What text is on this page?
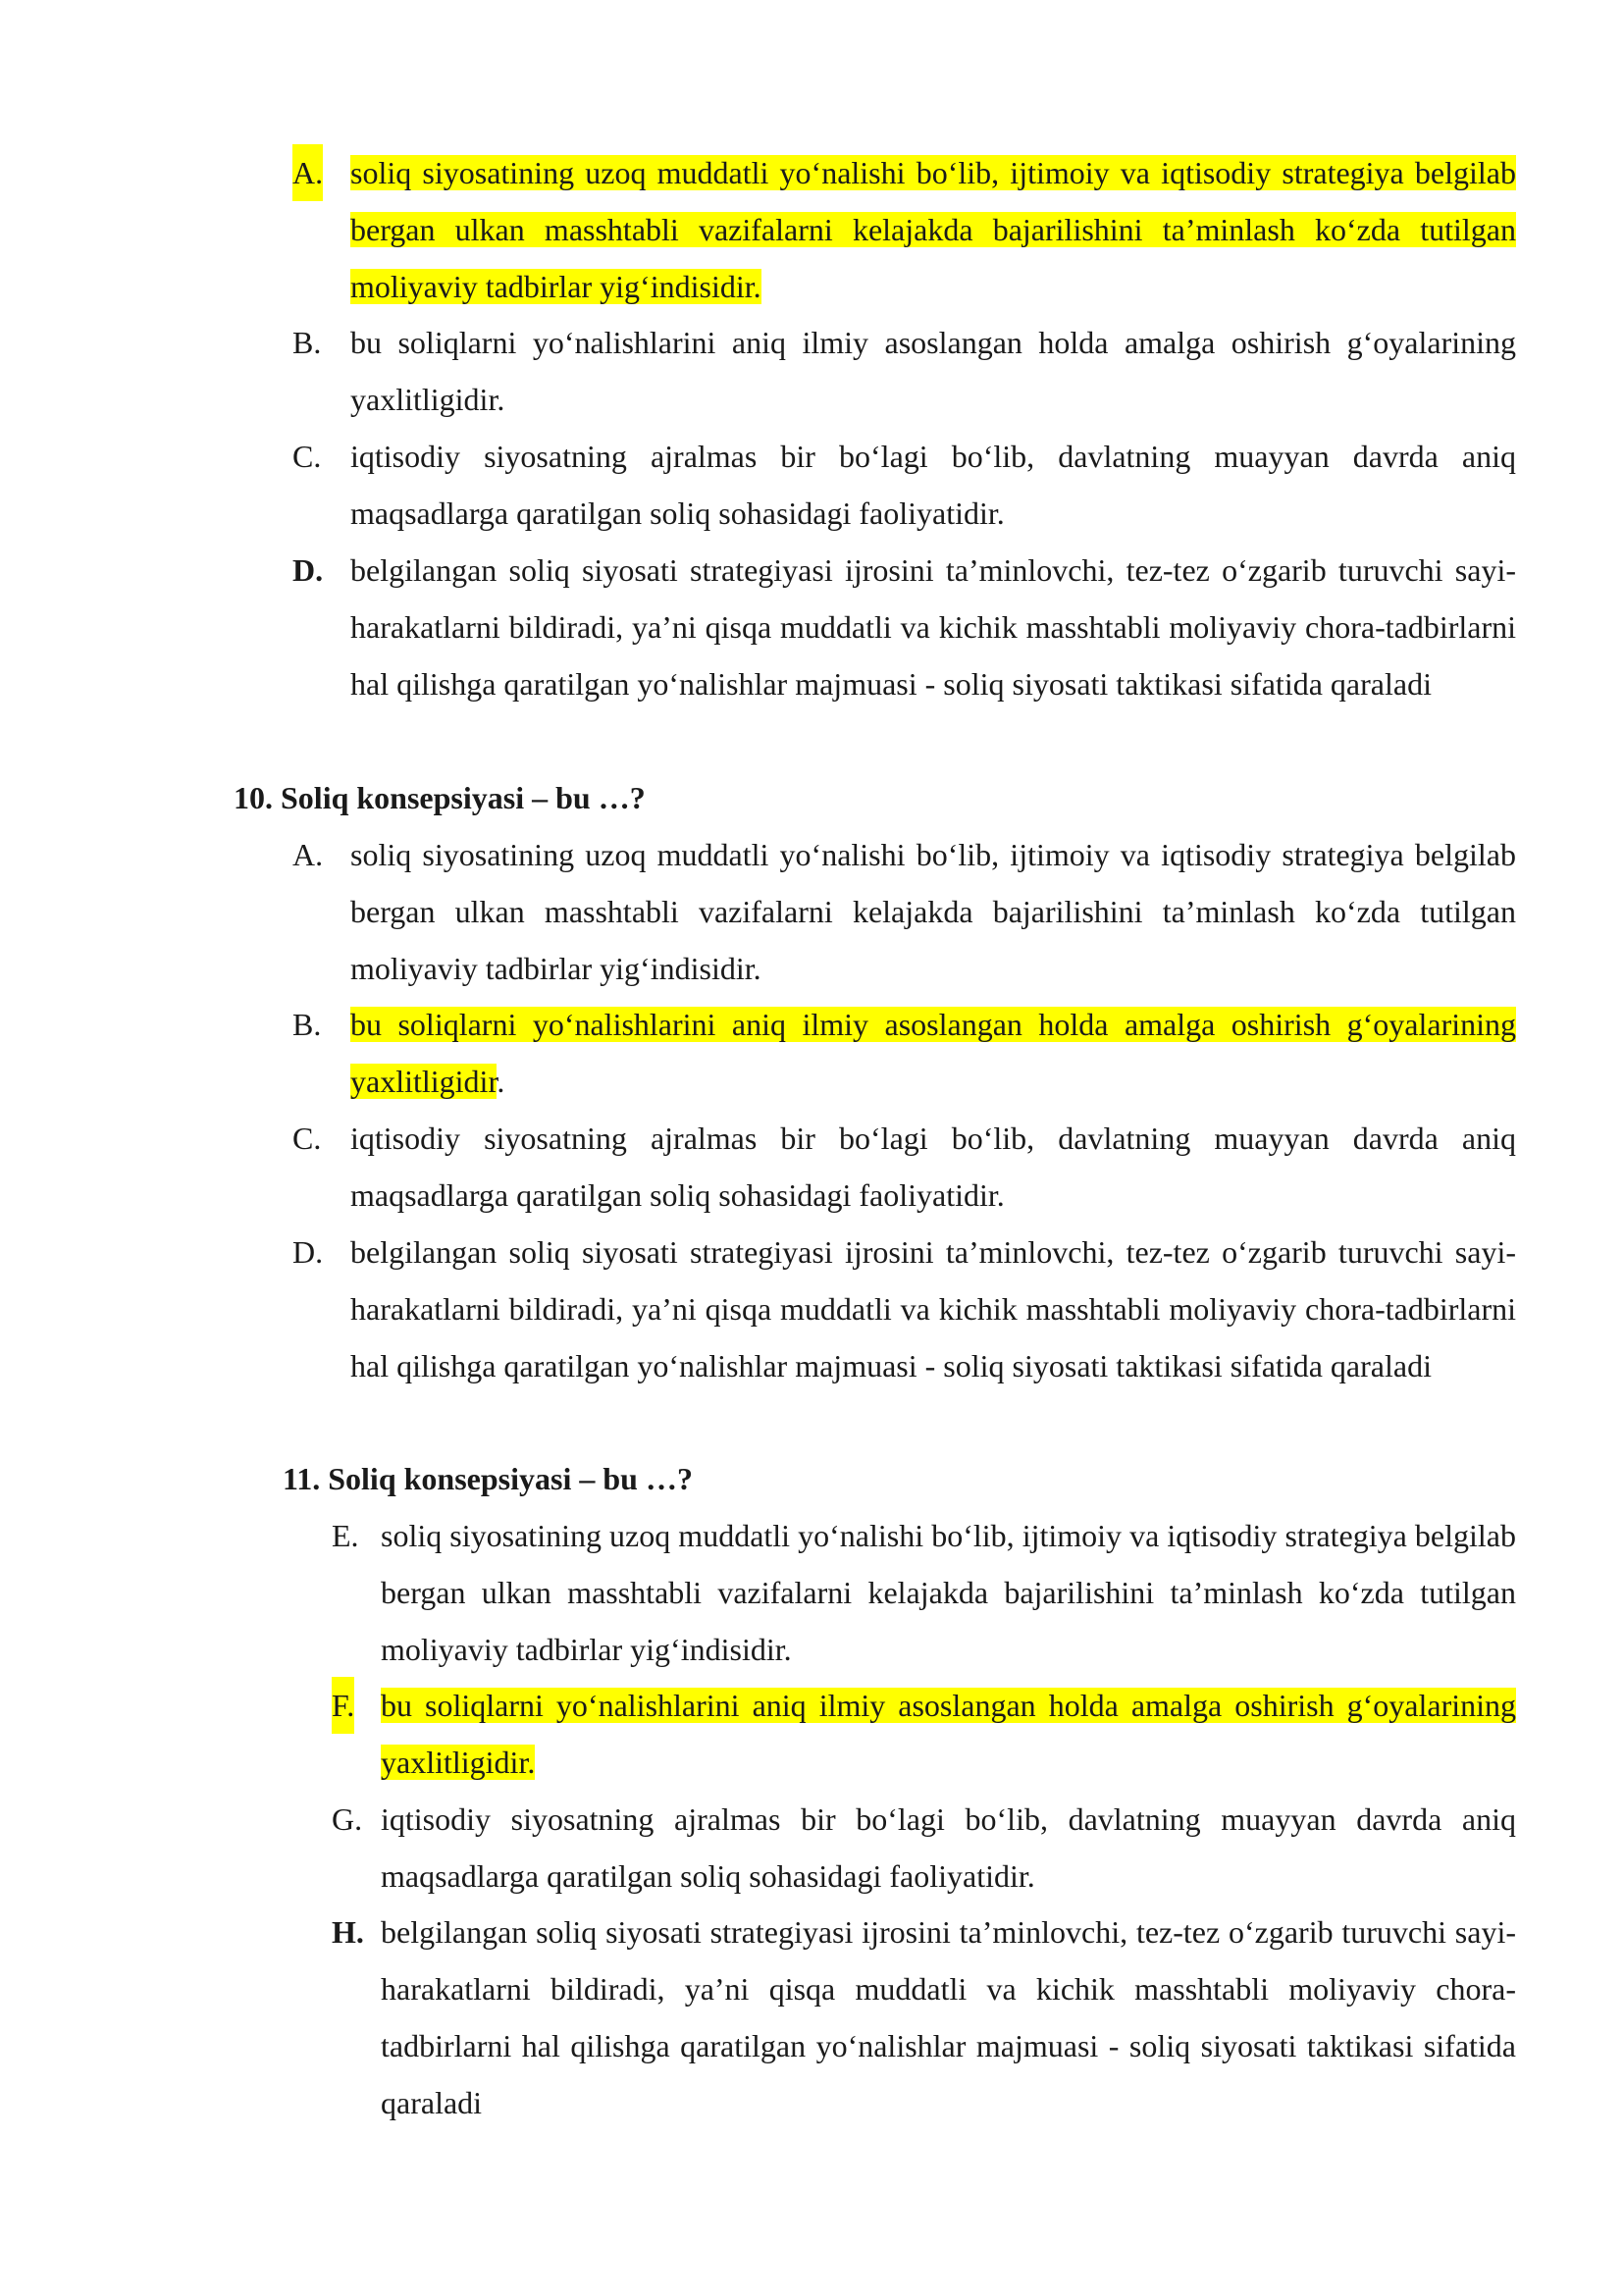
A. soliq siyosatining uzoq muddatli yo‘nalishi bo‘lib, ijtimoiy va iqtisodiy strategiya belgilab bergan ulkan masshtabli vazifalarni kelajakda bajarilishini ta’minlash ko‘zda tutilgan moliyaviy tadbirlar yig‘indisidir.
B. bu soliqlarni yo‘nalishlarini aniq ilmiy asoslangan holda amalga oshirish g‘oyalarining yaxlitligidir.
C. iqtisodiy siyosatning ajralmas bir bo‘lagi bo‘lib, davlatning muayyan davrda aniq maqsadlarga qaratilgan soliq sohasidagi faoliyatidir.
D. belgilangan soliq siyosati strategiyasi ijrosini ta’minlovchi, tez-tez o‘zgarib turuvchi sayi-harakatlarni bildiradi, ya’ni qisqa muddatli va kichik masshtabli moliyaviy chora-tadbirlarni hal qilishga qaratilgan yo‘nalishlar majmuasi - soliq siyosati taktikasi sifatida qaraladi
10. Soliq konsepsiyasi – bu …?
A. soliq siyosatining uzoq muddatli yo‘nalishi bo‘lib, ijtimoiy va iqtisodiy strategiya belgilab bergan ulkan masshtabli vazifalarni kelajakda bajarilishini ta’minlash ko‘zda tutilgan moliyaviy tadbirlar yig‘indisidir.
B. bu soliqlarni yo‘nalishlarini aniq ilmiy asoslangan holda amalga oshirish g‘oyalarining yaxlitligidir.
C. iqtisodiy siyosatning ajralmas bir bo‘lagi bo‘lib, davlatning muayyan davrda aniq maqsadlarga qaratilgan soliq sohasidagi faoliyatidir.
D. belgilangan soliq siyosati strategiyasi ijrosini ta’minlovchi, tez-tez o‘zgarib turuvchi sayi-harakatlarni bildiradi, ya’ni qisqa muddatli va kichik masshtabli moliyaviy chora-tadbirlarni hal qilishga qaratilgan yo‘nalishlar majmuasi - soliq siyosati taktikasi sifatida qaraladi
11. Soliq konsepsiyasi – bu …?
E. soliq siyosatining uzoq muddatli yo‘nalishi bo‘lib, ijtimoiy va iqtisodiy strategiya belgilab bergan ulkan masshtabli vazifalarni kelajakda bajarilishini ta’minlash ko‘zda tutilgan moliyaviy tadbirlar yig‘indisidir.
F. bu soliqlarni yo‘nalishlarini aniq ilmiy asoslangan holda amalga oshirish g‘oyalarining yaxlitligidir.
G. iqtisodiy siyosatning ajralmas bir bo‘lagi bo‘lib, davlatning muayyan davrda aniq maqsadlarga qaratilgan soliq sohasidagi faoliyatidir.
H. belgilangan soliq siyosati strategiyasi ijrosini ta’minlovchi, tez-tez o‘zgarib turuvchi sayi-harakatlarni bildiradi, ya’ni qisqa muddatli va kichik masshtabli moliyaviy chora-tadbirlarni hal qilishga qaratilgan yo‘nalishlar majmuasi - soliq siyosati taktikasi sifatida qaraladi
